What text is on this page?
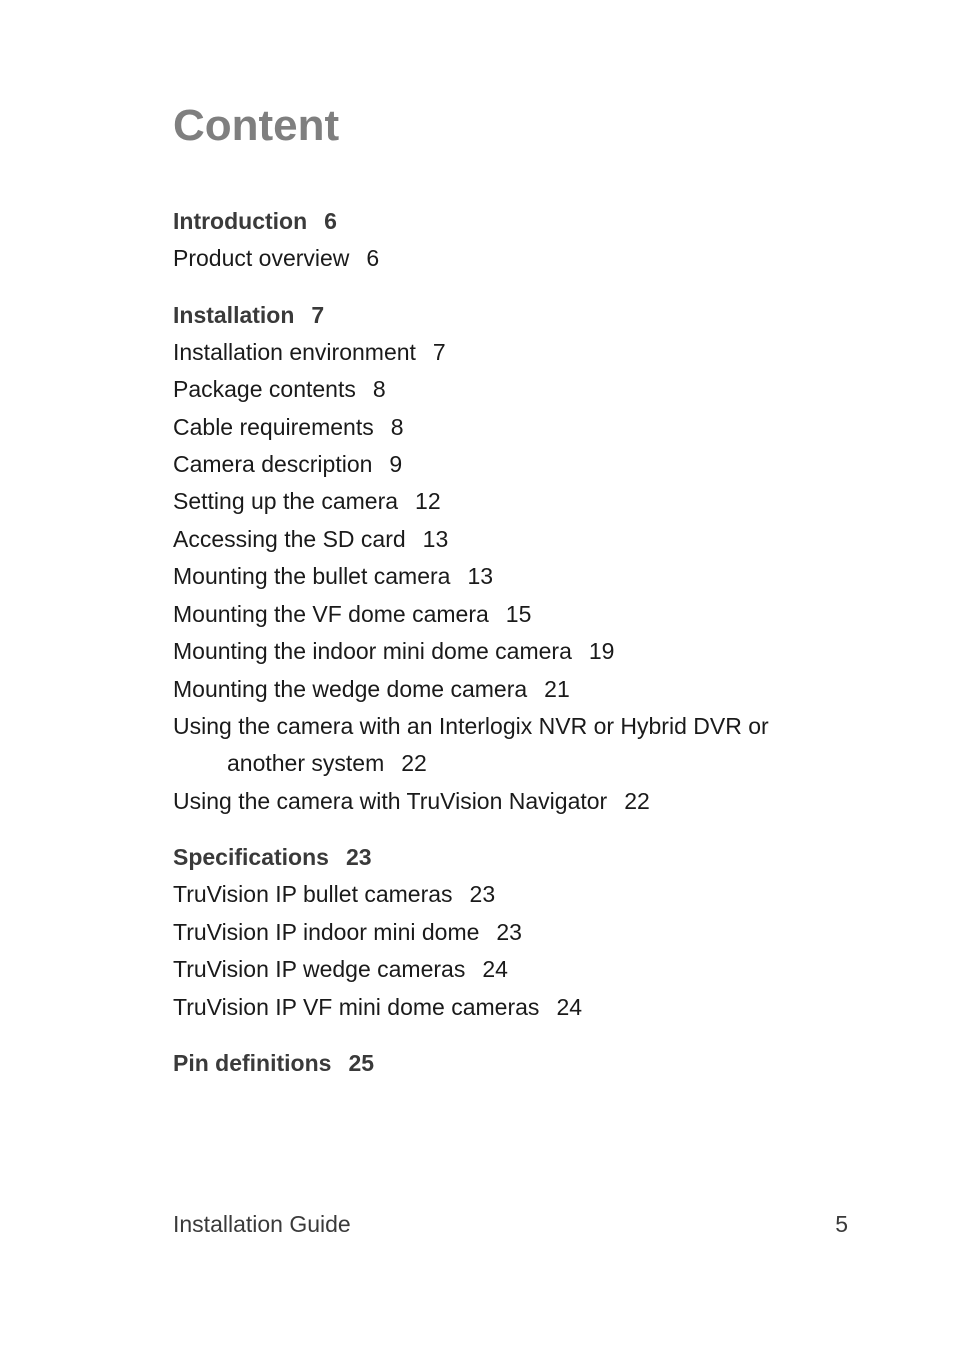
Content
Introduction 6
Product overview 6
Installation 7
Installation environment 7
Package contents 8
Cable requirements 8
Camera description 9
Setting up the camera 12
Accessing the SD card 13
Mounting the bullet camera 13
Mounting the VF dome camera 15
Mounting the indoor mini dome camera 19
Mounting the wedge dome camera 21
Using the camera with an Interlogix NVR or Hybrid DVR or
another system 22
Using the camera with TruVision Navigator 22
Specifications 23
TruVision IP bullet cameras 23
TruVision IP indoor mini dome 23
TruVision IP wedge cameras 24
TruVision IP VF mini dome cameras 24
Pin definitions 25
Installation Guide	5
